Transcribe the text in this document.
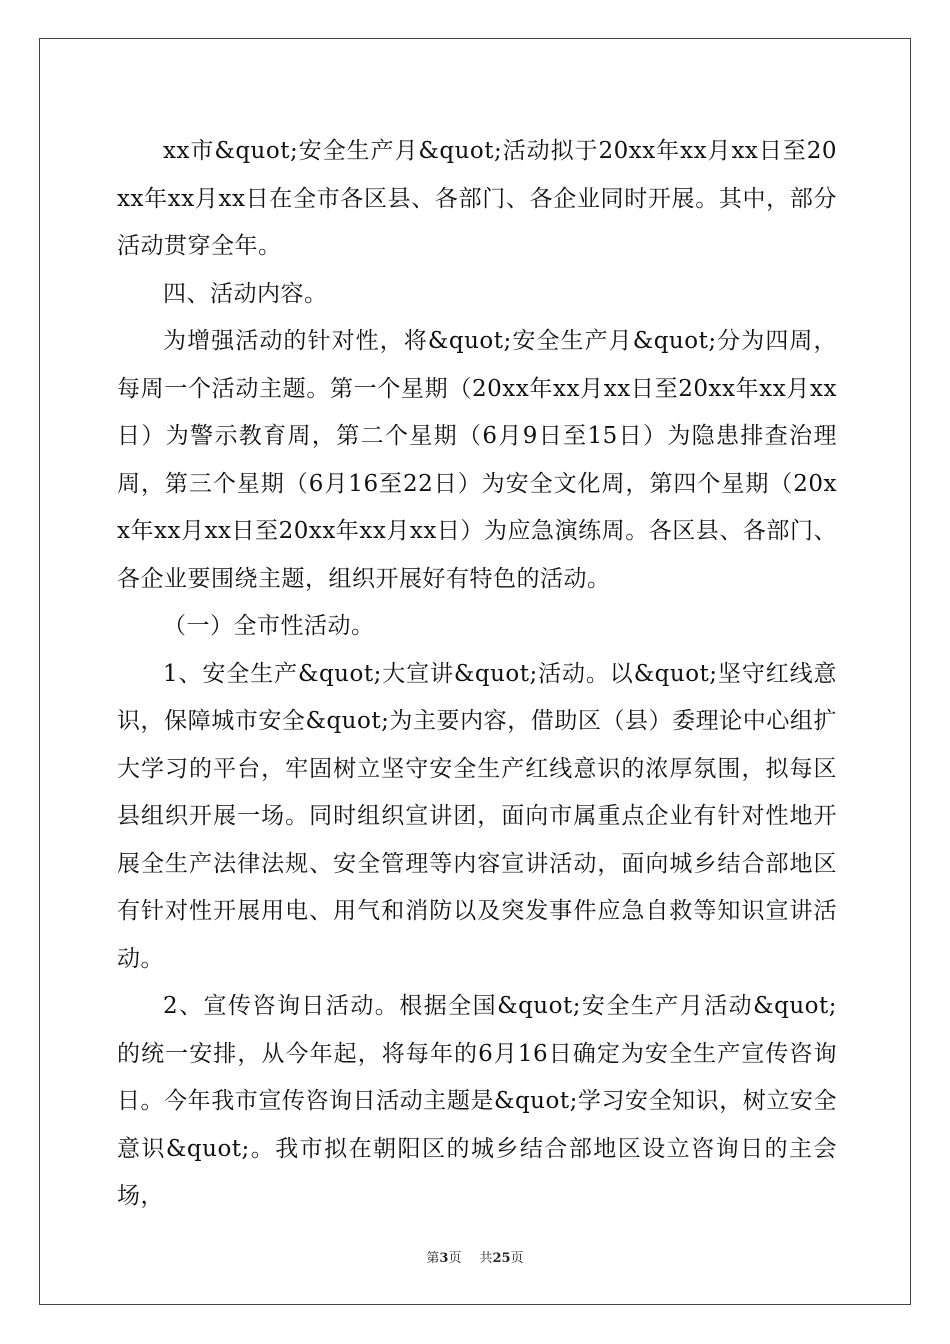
xx市&quot;安全生产月&quot;活动拟于20xx年xx月xx日至20xx年xx月xx日在全市各区县、各部门、各企业同时开展。其中，部分活动贯穿全年。

四、活动内容。

为增强活动的针对性，将&quot;安全生产月&quot;分为四周，每周一个活动主题。第一个星期（20xx年xx月xx日至20xx年xx月xx日）为警示教育周，第二个星期（6月9日至15日）为隐患排查治理周，第三个星期（6月16至22日）为安全文化周，第四个星期（20xx年xx月xx日至20xx年xx月xx日）为应急演练周。各区县、各部门、各企业要围绕主题，组织开展好有特色的活动。

（一）全市性活动。

1、安全生产&quot;大宣讲&quot;活动。以&quot;坚守红线意识，保障城市安全&quot;为主要内容，借助区（县）委理论中心组扩大学习的平台，牢固树立坚守安全生产红线意识的浓厚氛围，拟每区县组织开展一场。同时组织宣讲团，面向市属重点企业有针对性地开展全生产法律法规、安全管理等内容宣讲活动，面向城乡结合部地区有针对性开展用电、用气和消防以及突发事件应急自救等知识宣讲活动。

2、宣传咨询日活动。根据全国&quot;安全生产月活动&quot;的统一安排，从今年起，将每年的6月16日确定为安全生产宣传咨询日。今年我市宣传咨询日活动主题是&quot;学习安全知识，树立安全意识&quot;。我市拟在朝阳区的城乡结合部地区设立咨询日的主会场，

第3页 共25页
